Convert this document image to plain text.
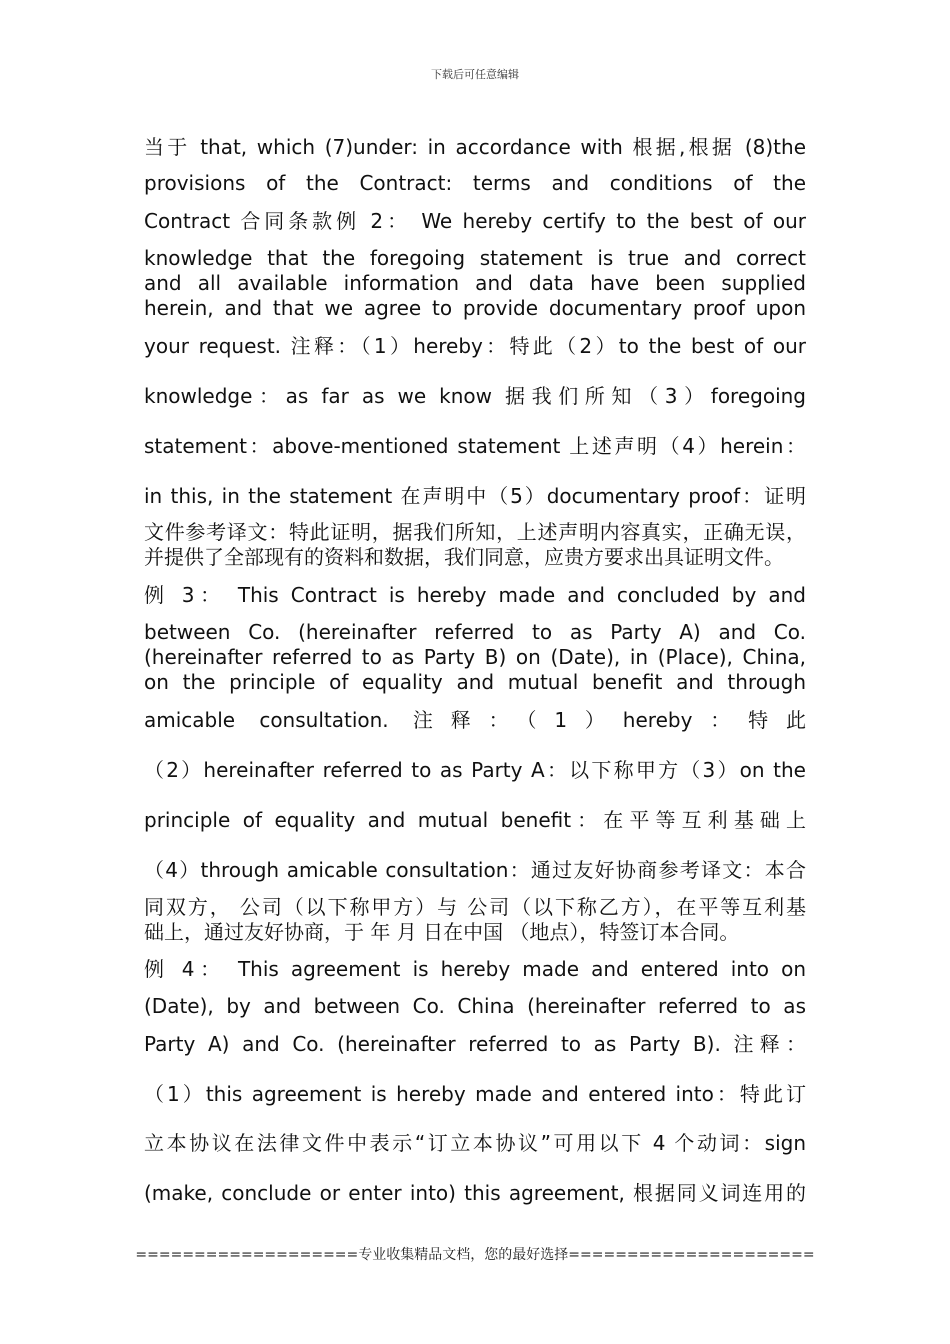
下载后可任意编辑
当于 that, which (7)under: in accordance with 根据,根据 (8)the
provisions of the Contract: terms and conditions of the
Contract 合同条款例 2： We hereby certify to the best of our
knowledge that the foregoing statement is true and correct
and all available information and data have been supplied
herein, and that we agree to provide documentary proof upon
your request. 注释：（1）hereby：特此（2）to the best of our
knowledge：as far as we know 据我们所知（3）foregoing
statement：above-mentioned statement 上述声明（4）herein：
in this, in the statement 在声明中（5）documentary proof：证明
文件参考译文：特此证明，据我们所知，上述声明内容真实，正确无误，
并提供了全部现有的资料和数据，我们同意，应贵方要求出具证明文件。
例 3： This Contract is hereby made and concluded by and
between Co. (hereinafter referred to as Party A) and Co.
(hereinafter referred to as Party B) on (Date), in (Place), China,
on the principle of equality and mutual benefit and through
amicable consultation. 注释：（1）hereby：特此
（2）hereinafter referred to as Party A：以下称甲方（3）on the
principle of equality and mutual benefit：在平等互利基础上
（4）through amicable consultation：通过友好协商参考译文：本合
同双方， 公司（以下称甲方）与 公司（以下称乙方），在平等互利基
础上，通过友好协商，于 年 月 日在中国 （地点），特签订本合同。
例 4： This agreement is hereby made and entered into on
(Date), by and between Co. China (hereinafter referred to as
Party A) and Co. (hereinafter referred to as Party B). 注释：
（1）this agreement is hereby made and entered into：特此订
立本协议在法律文件中表示“订立本协议”可用以下 4 个动词：sign
(make, conclude or enter into) this agreement, 根据同义词连用的
===================专业收集精品文档，您的最好选择=====================
